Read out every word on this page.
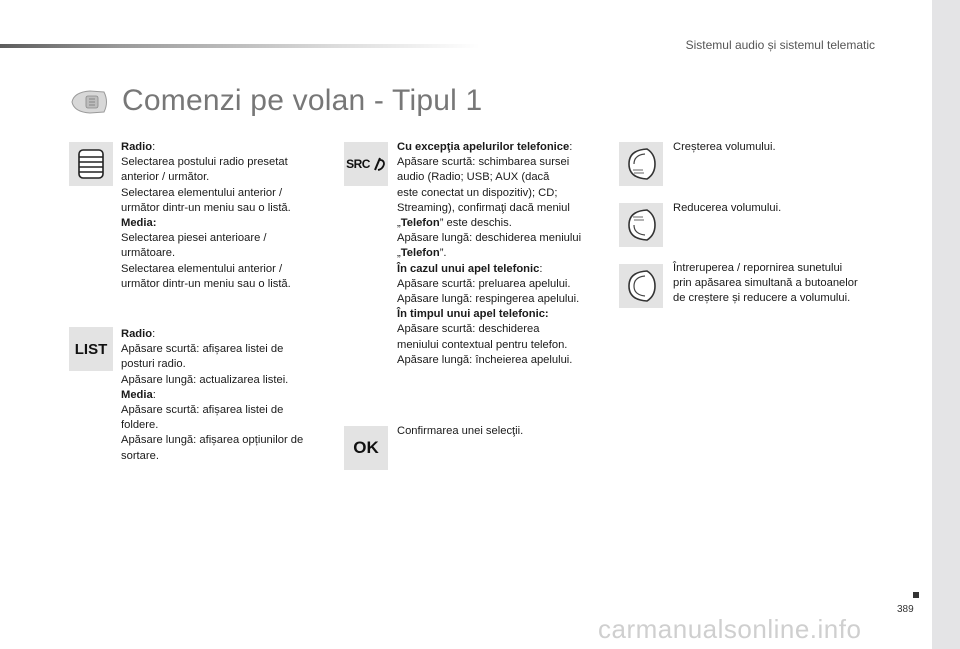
Sistemul audio și sistemul telematic
Comenzi pe volan - Tipul 1
LIST
SRC
OK
Radio:
Selectarea postului radio presetat
anterior / următor.
Selectarea elementului anterior /
următor dintr-un meniu sau o listă.
Media:
Selectarea piesei anterioare /
următoare.
Selectarea elementului anterior /
următor dintr-un meniu sau o listă.
Radio:
Apăsare scurtă: afișarea listei de
posturi radio.
Apăsare lungă: actualizarea listei.
Media:
Apăsare scurtă: afișarea listei de
foldere.
Apăsare lungă: afișarea opțiunilor de
sortare.
Cu excepţia apelurilor telefonice:
Apăsare scurtă: schimbarea sursei
audio (Radio; USB; AUX (dacă
este conectat un dispozitiv); CD;
Streaming), confirmaţi dacă meniul
„Telefon” este deschis.
Apăsare lungă: deschiderea meniului
„Telefon”.
În cazul unui apel telefonic:
Apăsare scurtă: preluarea apelului.
Apăsare lungă: respingerea apelului.
În timpul unui apel telefonic:
Apăsare scurtă: deschiderea
meniului contextual pentru telefon.
Apăsare lungă: încheierea apelului.
Confirmarea unei selecţii.
Creșterea volumului.
Reducerea volumului.
Întreruperea / repornirea sunetului
prin apăsarea simultană a butoanelor
de creștere și reducere a volumului.
389
carmanualsonline.info
